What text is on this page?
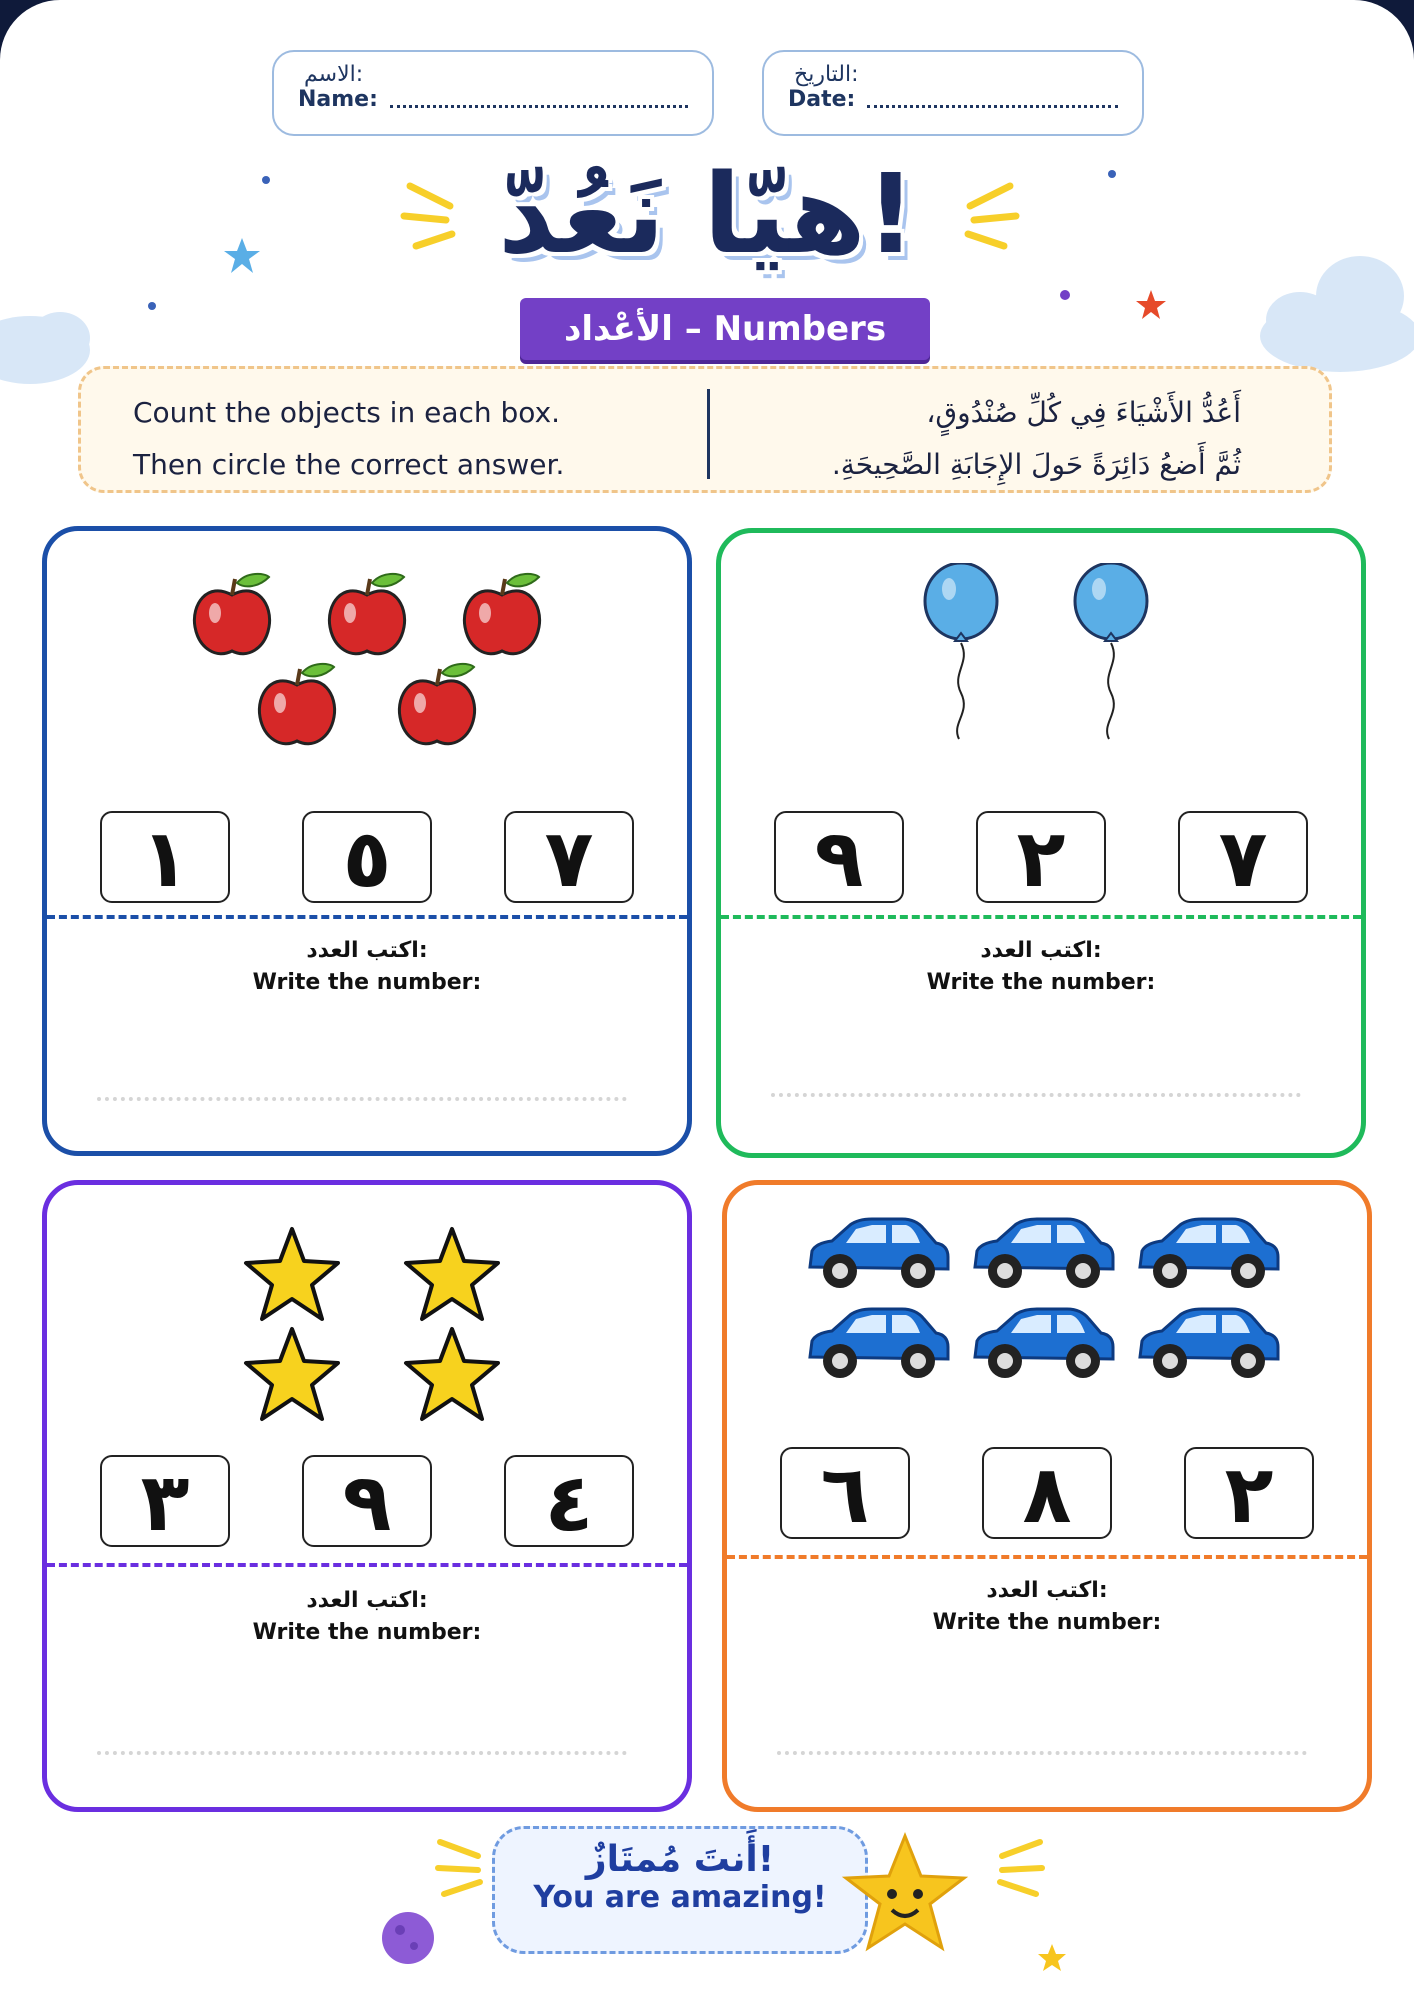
الاسم:
Name:
التاريخ:
Date:
هيّا نَعُدّ!
الأعْداد – Numbers
Count the objects in each box.
Then circle the correct answer.
أَعُدُّ الأَشْيَاءَ فِي كُلِّ صُنْدُوقٍ،
ثُمَّ أَضعُ دَائِرَةً حَولَ الإِجَابَةِ الصَّحِيحَةِ.
١	٥	٧
اكتب العدد:
Write the number:
٩	٢	٧
اكتب العدد:
Write the number:
٣	٩	٤
اكتب العدد:
Write the number:
٦	٨	٢
اكتب العدد:
Write the number:
أَنتَ مُمتَازٌ!
You are amazing!
